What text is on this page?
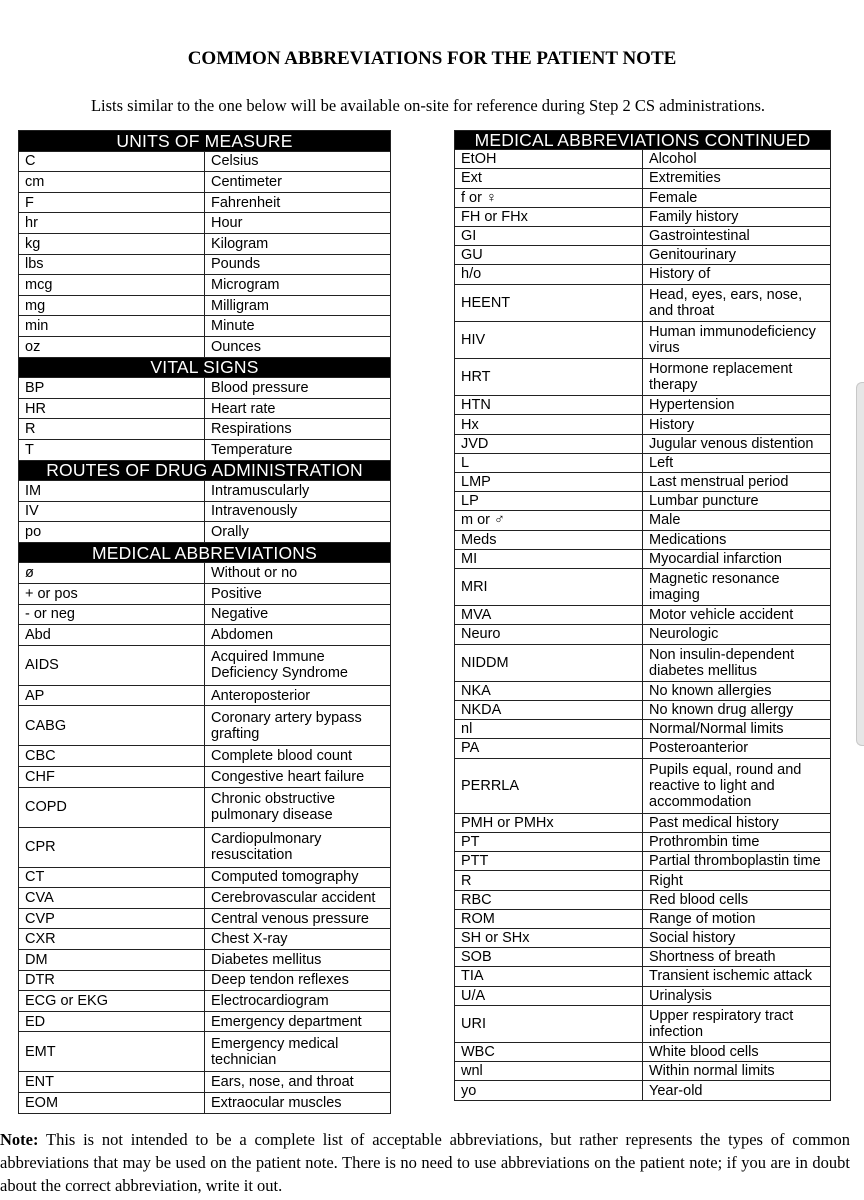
COMMON ABBREVIATIONS FOR THE PATIENT NOTE

Lists similar to the one below will be available on-site for reference during Step 2 CS administrations.

UNITS OF MEASURE	
C	Celsius
cm	Centimeter
F	Fahrenheit
hr	Hour
kg	Kilogram
lbs	Pounds
mcg	Microgram
mg	Milligram
min	Minute
oz	Ounces
VITAL SIGNS	
BP	Blood pressure
HR	Heart rate
R	Respirations
T	Temperature
ROUTES OF DRUG ADMINISTRATION	
IM	Intramuscularly
IV	Intravenously
po	Orally
MEDICAL ABBREVIATIONS	
ø	Without or no
+ or pos	Positive
- or neg	Negative
Abd	Abdomen
AIDS	Acquired Immune Deficiency Syndrome
AP	Anteroposterior
CABG	Coronary artery bypass grafting
CBC	Complete blood count
CHF	Congestive heart failure
COPD	Chronic obstructive pulmonary disease
CPR	Cardiopulmonary resuscitation
CT	Computed tomography
CVA	Cerebrovascular accident
CVP	Central venous pressure
CXR	Chest X-ray
DM	Diabetes mellitus
DTR	Deep tendon reflexes
ECG or EKG	Electrocardiogram
ED	Emergency department
EMT	Emergency medical technician
ENT	Ears, nose, and throat
EOM	Extraocular muscles
MEDICAL ABBREVIATIONS CONTINUED	
EtOH	Alcohol
Ext	Extremities
f or ♀	Female
FH or FHx	Family history
GI	Gastrointestinal
GU	Genitourinary
h/o	History of
HEENT	Head, eyes, ears, nose, and throat
HIV	Human immunodeficiency virus
HRT	Hormone replacement therapy
HTN	Hypertension
Hx	History
JVD	Jugular venous distention
L	Left
LMP	Last menstrual period
LP	Lumbar puncture
m or ♂	Male
Meds	Medications
MI	Myocardial infarction
MRI	Magnetic resonance imaging
MVA	Motor vehicle accident
Neuro	Neurologic
NIDDM	Non insulin-dependent diabetes mellitus
NKA	No known allergies
NKDA	No known drug allergy
nl	Normal/Normal limits
PA	Posteroanterior
PERRLA	Pupils equal, round and reactive to light and accommodation
PMH or PMHx	Past medical history
PT	Prothrombin time
PTT	Partial thromboplastin time
R	Right
RBC	Red blood cells
ROM	Range of motion
SH or SHx	Social history
SOB	Shortness of breath
TIA	Transient ischemic attack
U/A	Urinalysis
URI	Upper respiratory tract infection
WBC	White blood cells
wnl	Within normal limits
yo	Year-old

Note: This is not intended to be a complete list of acceptable abbreviations, but rather represents the types of common abbreviations that may be used on the patient note. There is no need to use abbreviations on the patient note; if you are in doubt about the correct abbreviation, write it out.
